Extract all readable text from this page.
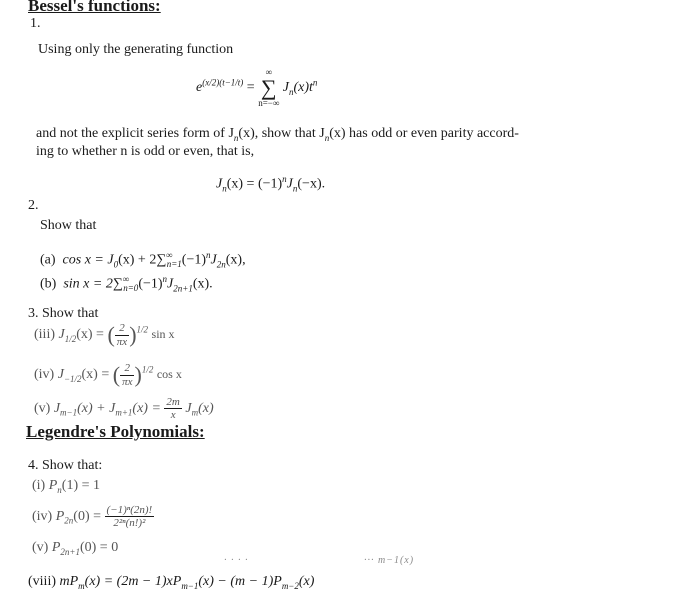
Bessel's functions:
1.
Using only the generating function
$e^{(x/2)(t-1/t)}$ =
∞
∑
n=−∞
$J_n(x)t^n$
and not the explicit series form of $J_n(x)$, show that $J_n(x)$ has odd or even parity accord-
ing to whether n is odd or even, that is,
$J_n(x) = (-1)^nJ_n(-x)$.
2.
Show that
(a) $\cos x = J_0(x) + 2\sum^\infty_{n=1}(-1)^nJ_{2n}(x)$,
(b) $\sin x = 2\sum^\infty_{n=0}(-1)^nJ_{2n+1}(x)$.
3. Show that
(iii) $J_{1/2}(x)$ = ( $\frac{2}{\pi x} )^{1/2}$ sin x
(iv) $J_{-1/2}(x)$ = ( $\frac{2}{\pi x} )^{1/2}$ cos x
(v) $J_{m-1}(x) + J_{m+1}(x) = \frac{2m}{x} J_m(x)$
Legendre's Polynomials:
4. Show that:
(i) $P_n(1) = 1$
(iv) $P_{2n}(0) = \frac{\text{(−1)ⁿ(2n)!}}{\text{2²ⁿ(n!)²}}$
(v) $P_{2n+1}(0) = 0$
· · · ·                                 ··· m−1(x)
(viii) $mP_m(x) = (2m - 1)xP_{m-1}(x) - (m - 1)P_{m-2}(x)$
